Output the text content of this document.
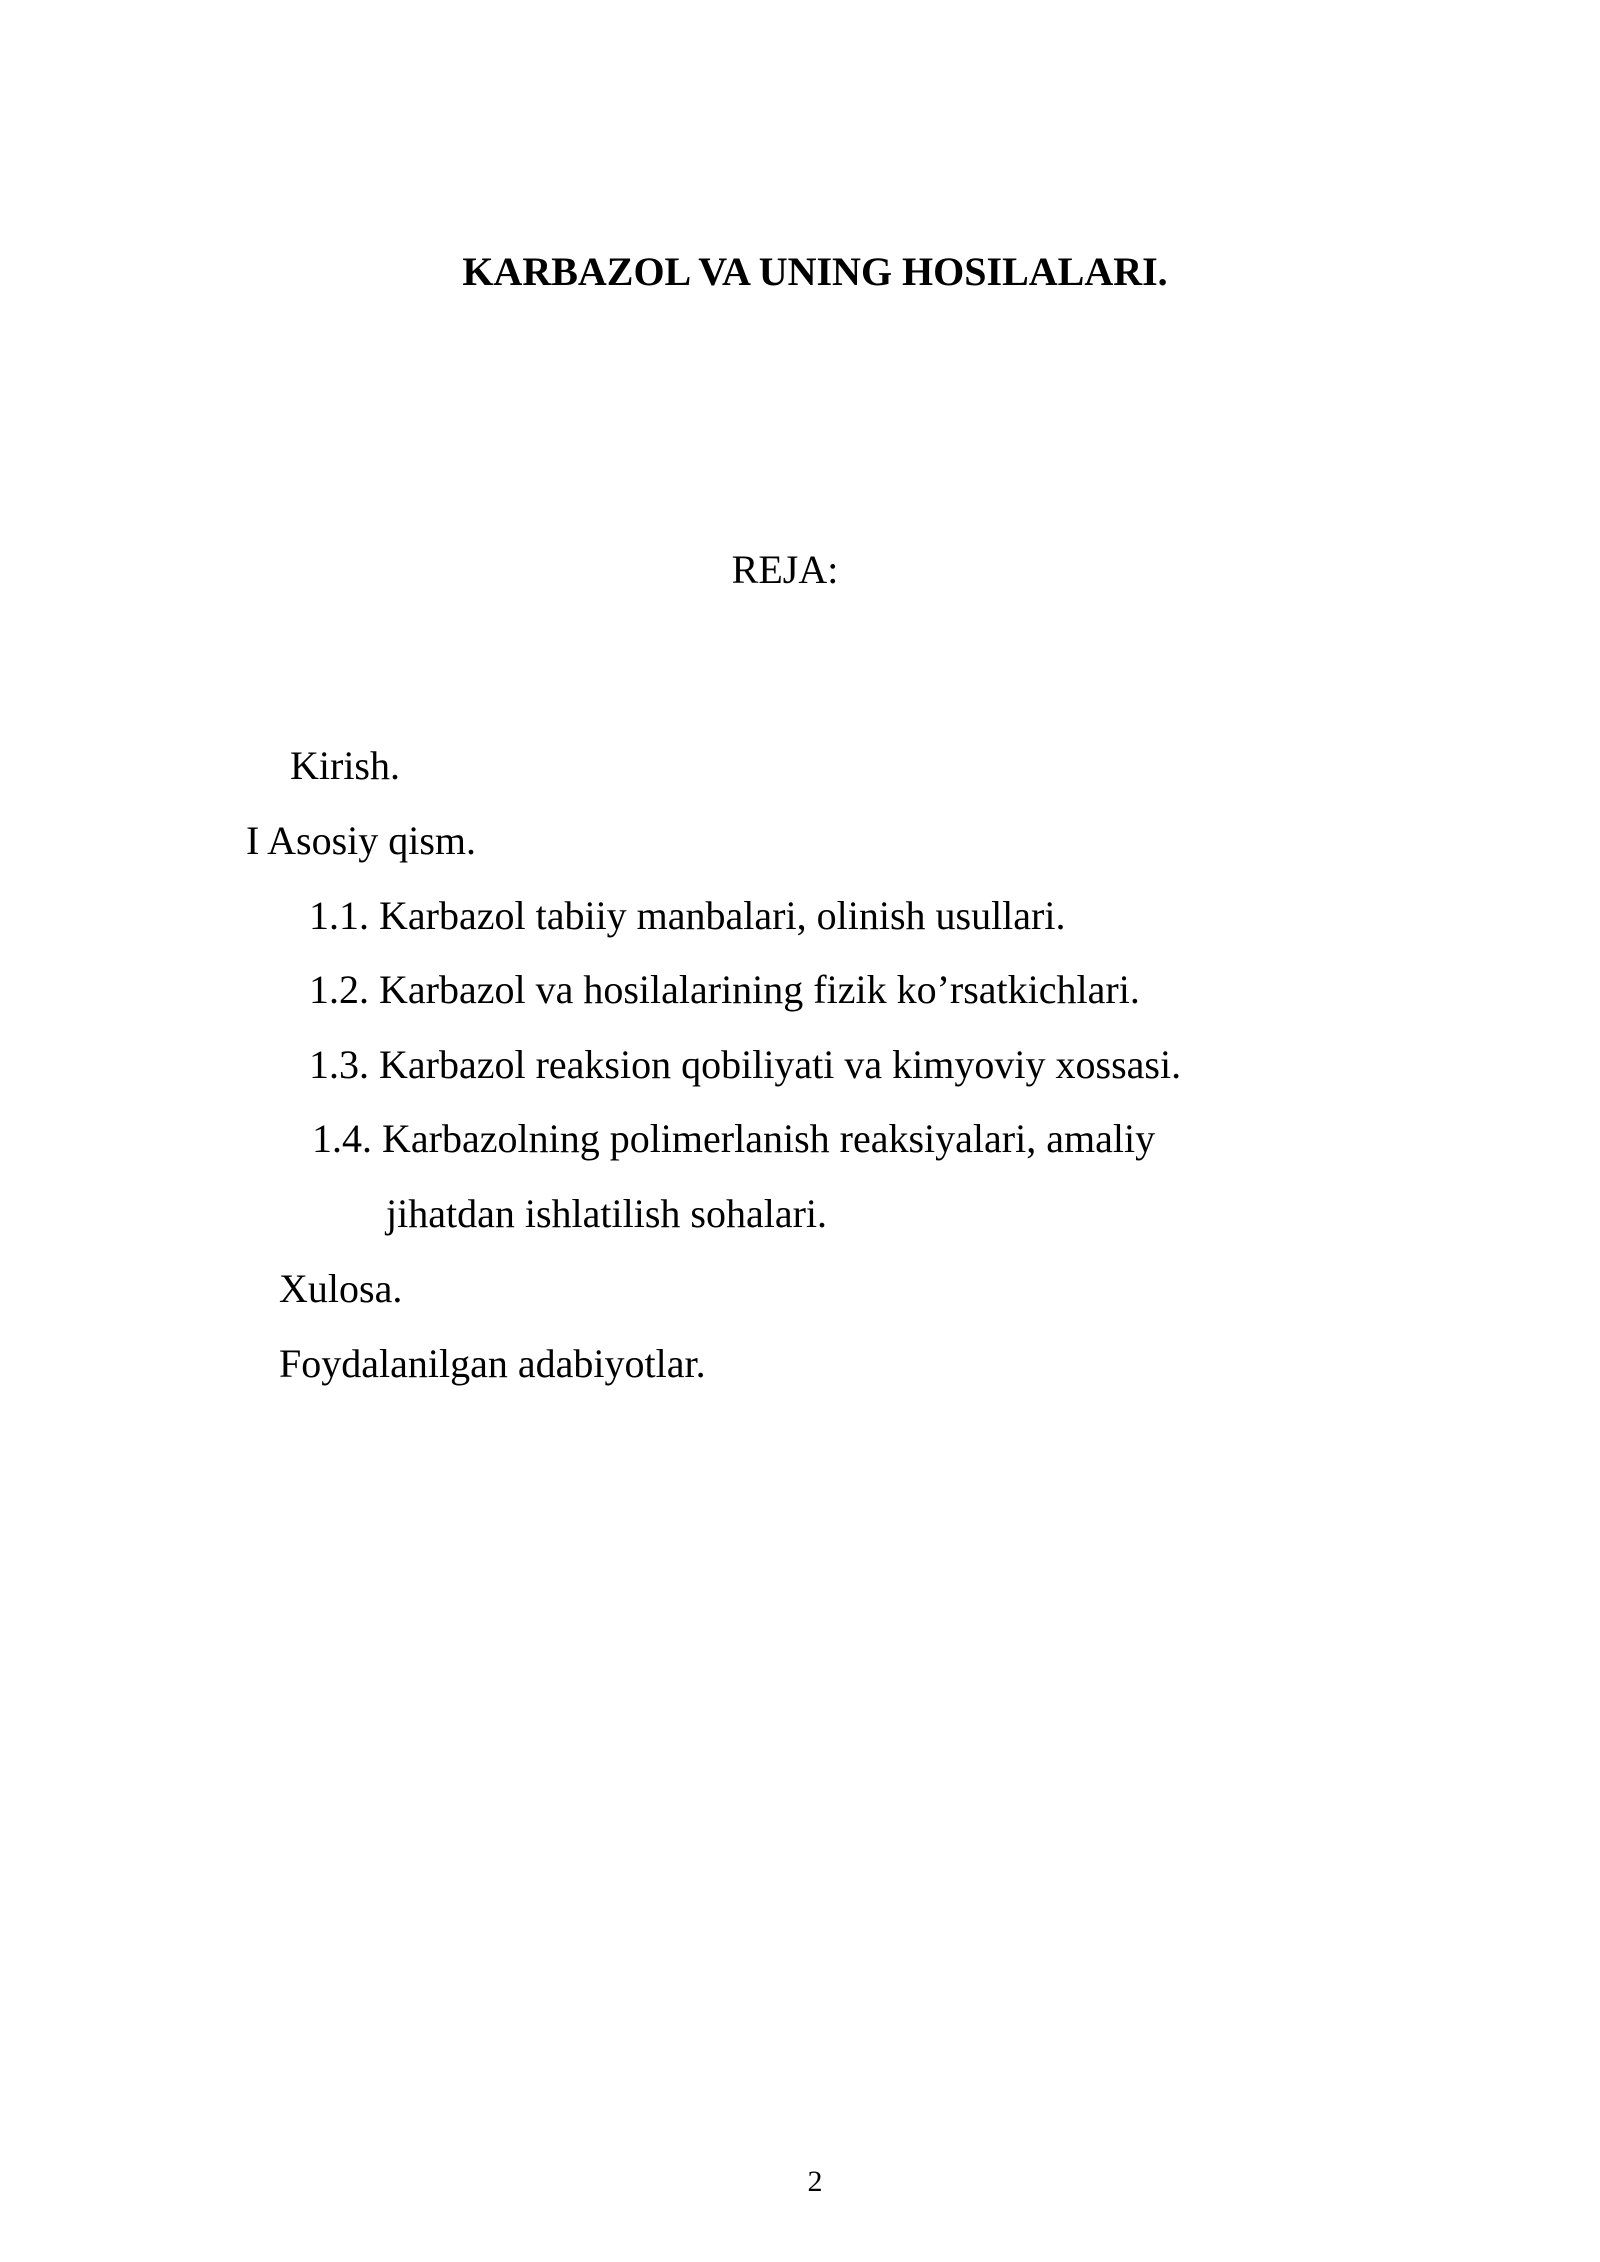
KARBAZOL VA UNING HOSILALARI.
REJA:
Kirish.
I Asosiy qism.
1.1. Karbazol tabiiy manbalari, olinish usullari.
1.2. Karbazol va hosilalarining fizik ko’rsatkichlari.
1.3. Karbazol reaksion qobiliyati va kimyoviy xossasi.
1.4. Karbazolning polimerlanish reaksiyalari, amaliy
jihatdan ishlatilish sohalari.
Xulosa.
Foydalanilgan adabiyotlar.
2
